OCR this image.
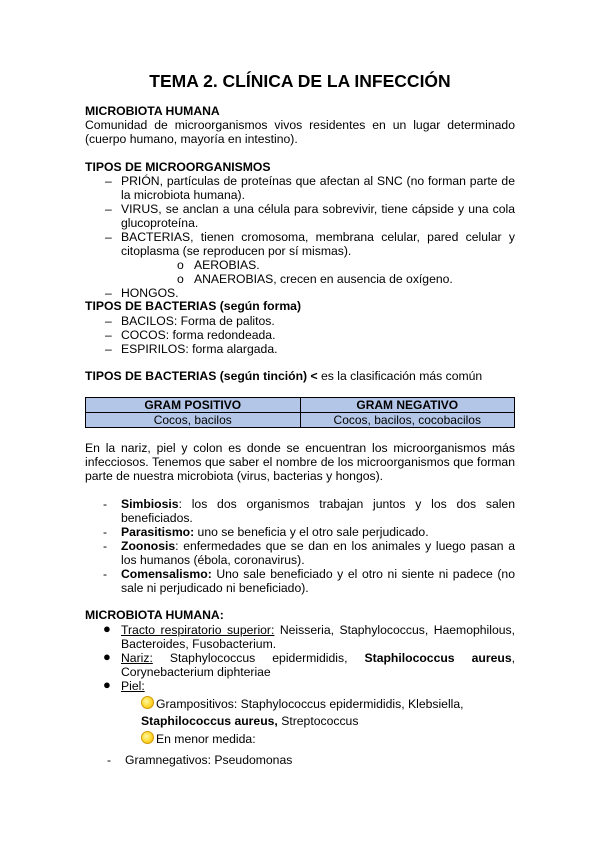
TEMA 2. CLÍNICA DE LA INFECCIÓN
MICROBIOTA HUMANA
Comunidad de microorganismos vivos residentes en un lugar determinado (cuerpo humano, mayoría en intestino).
TIPOS DE MICROORGANISMOS
– PRIÓN, partículas de proteínas que afectan al SNC (no forman parte de la microbiota humana).
– VIRUS, se anclan a una célula para sobrevivir, tiene cápside y una cola glucoproteína.
– BACTERIAS, tienen cromosoma, membrana celular, pared celular y citoplasma (se reproducen por sí mismas).
o AEROBIAS.
o ANAEROBIAS, crecen en ausencia de oxígeno.
– HONGOS.
TIPOS DE BACTERIAS (según forma)
– BACILOS: Forma de palitos.
– COCOS: forma redondeada.
– ESPIRILOS: forma alargada.
TIPOS DE BACTERIAS (según tinción) < es la clasificación más común
GRAM POSITIVO	GRAM NEGATIVO
Cocos, bacilos	Cocos, bacilos, cocobacilos
En la nariz, piel y colon es donde se encuentran los microorganismos más infecciosos. Tenemos que saber el nombre de los microorganismos que forman parte de nuestra microbiota (virus, bacterias y hongos).
- Simbiosis: los dos organismos trabajan juntos y los dos salen beneficiados.
- Parasitismo: uno se beneficia y el otro sale perjudicado.
- Zoonosis: enfermedades que se dan en los animales y luego pasan a los humanos (ébola, coronavirus).
- Comensalismo: Uno sale beneficiado y el otro ni siente ni padece (no sale ni perjudicado ni beneficiado).
MICROBIOTA HUMANA:
● Tracto respiratorio superior: Neisseria, Staphylococcus, Haemophilous, Bacteroides, Fusobacterium.
● Nariz: Staphylococcus epidermididis, Staphilococcus aureus, Corynebacterium diphteriae
● Piel:
Grampositivos: Staphylococcus epidermididis, Klebsiella, Staphilococcus aureus, Streptococcus
En menor medida:
- Gramnegativos: Pseudomonas
